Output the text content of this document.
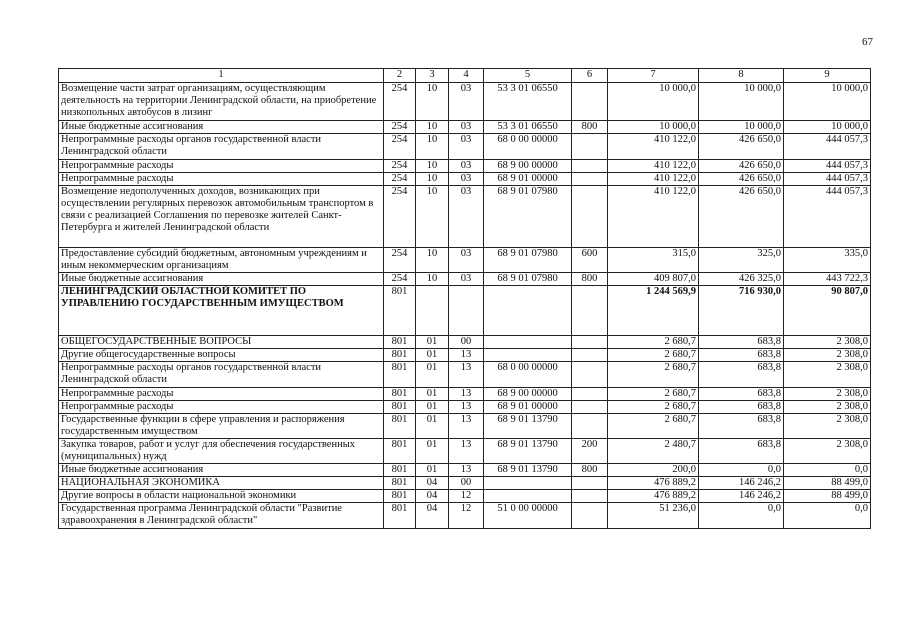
67
1	2	3	4	5	6	7	8	9
Возмещение части затрат организациям, осуществляющим деятельность на территории Ленинградской области, на приобретение низкопольных автобусов в лизинг	254	10	03	53 3 01 06550		10 000,0	10 000,0	10 000,0
Иные бюджетные ассигнования	254	10	03	53 3 01 06550	800	10 000,0	10 000,0	10 000,0
Непрограммные расходы органов государственной власти Ленинградской области	254	10	03	68 0 00 00000		410 122,0	426 650,0	444 057,3
Непрограммные расходы	254	10	03	68 9 00 00000		410 122,0	426 650,0	444 057,3
Непрограммные расходы	254	10	03	68 9 01 00000		410 122,0	426 650,0	444 057,3
Возмещение недополученных доходов, возникающих при осуществлении регулярных перевозок автомобильным транспортом в связи с реализацией Соглашения по перевозке жителей Санкт-Петербурга и жителей Ленинградской области	254	10	03	68 9 01 07980		410 122,0	426 650,0	444 057,3
Предоставление субсидий бюджетным, автономным учреждениям и иным некоммерческим организациям	254	10	03	68 9 01 07980	600	315,0	325,0	335,0
Иные бюджетные ассигнования	254	10	03	68 9 01 07980	800	409 807,0	426 325,0	443 722,3
ЛЕНИНГРАДСКИЙ ОБЛАСТНОЙ КОМИТЕТ ПО УПРАВЛЕНИЮ ГОСУДАРСТВЕННЫМ ИМУЩЕСТВОМ	801					1 244 569,9	716 930,0	90 807,0
ОБЩЕГОСУДАРСТВЕННЫЕ ВОПРОСЫ	801	01	00			2 680,7	683,8	2 308,0
Другие общегосударственные вопросы	801	01	13			2 680,7	683,8	2 308,0
Непрограммные расходы органов государственной власти Ленинградской области	801	01	13	68 0 00 00000		2 680,7	683,8	2 308,0
Непрограммные расходы	801	01	13	68 9 00 00000		2 680,7	683,8	2 308,0
Непрограммные расходы	801	01	13	68 9 01 00000		2 680,7	683,8	2 308,0
Государственные функции в сфере управления и распоряжения государственным имуществом	801	01	13	68 9 01 13790		2 680,7	683,8	2 308,0
Закупка товаров, работ и услуг для обеспечения государственных (муниципальных) нужд	801	01	13	68 9 01 13790	200	2 480,7	683,8	2 308,0
Иные бюджетные ассигнования	801	01	13	68 9 01 13790	800	200,0	0,0	0,0
НАЦИОНАЛЬНАЯ ЭКОНОМИКА	801	04	00			476 889,2	146 246,2	88 499,0
Другие вопросы в области национальной экономики	801	04	12			476 889,2	146 246,2	88 499,0
Государственная программа Ленинградской области "Развитие здравоохранения в Ленинградской области"	801	04	12	51 0 00 00000		51 236,0	0,0	0,0
